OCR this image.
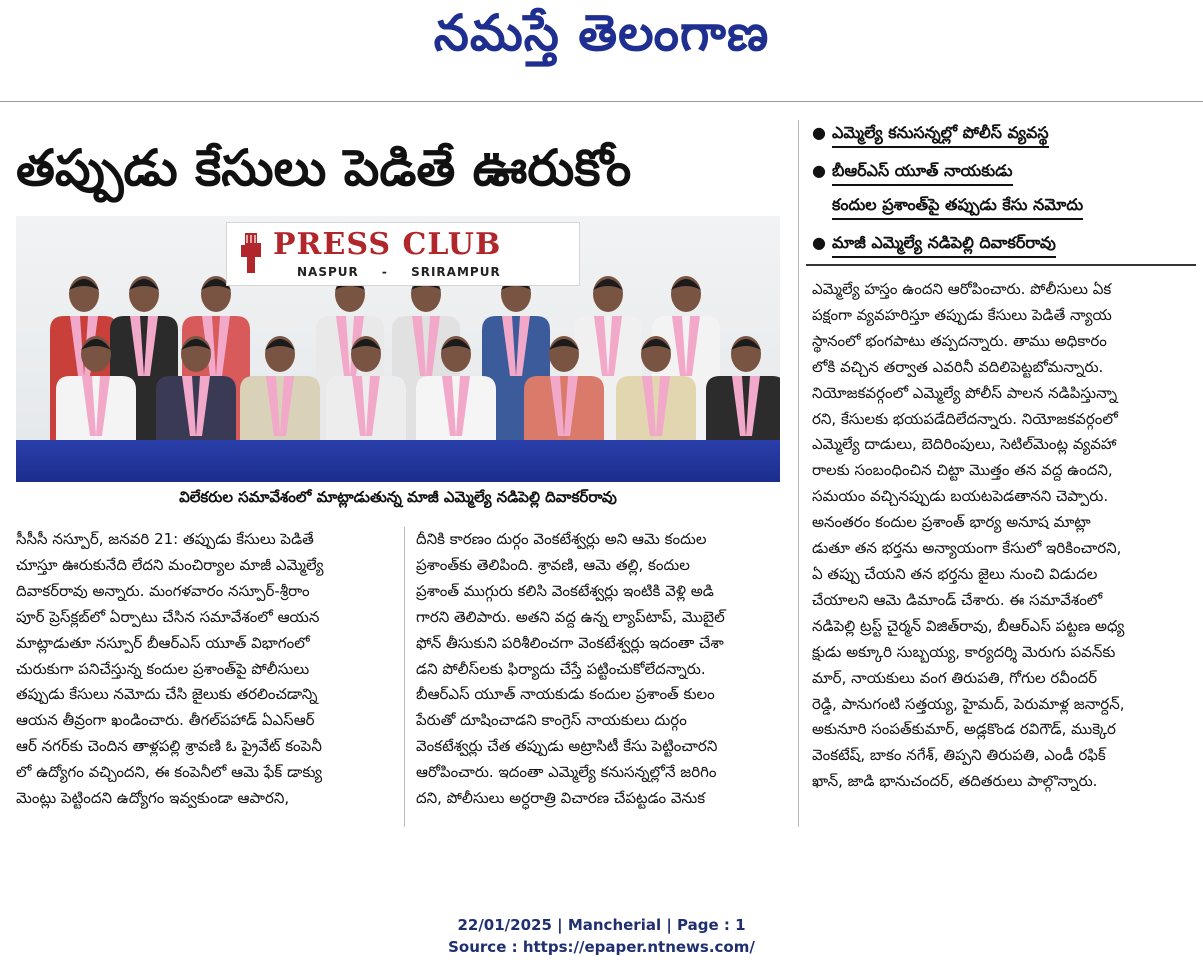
నమస్తే తెలంగాణ
తప్పుడు కేసులు పెడితే ఊరుకోం
PRESS CLUB
NASPUR - SRIRAMPUR
విలేకరుల సమావేశంలో మాట్లాడుతున్న మాజీ ఎమ్మెల్యే నడిపెల్లి దివాకర్‌రావు
● ఎమ్మెల్యే కనుసన్నల్లో పోలీస్ వ్యవస్థ
● బీఆర్‌ఎస్ యూత్ నాయకుడు
కందుల ప్రశాంత్‌పై తప్పుడు కేసు నమోదు
● మాజీ ఎమ్మెల్యే నడిపెల్లి దివాకర్‌రావు
సీసీసీ నస్పూర్, జనవరి 21: తప్పుడు కేసులు పెడితే
చూస్తూ ఊరుకునేది లేదని మంచిర్యాల మాజీ ఎమ్మెల్యే
దివాకర్‌రావు అన్నారు. మంగళవారం నస్పూర్-శ్రీరాం
పూర్ ప్రెస్‌క్లబ్‌లో ఏర్పాటు చేసిన సమావేశంలో ఆయన
మాట్లాడుతూ నస్పూర్ బీఆర్‌ఎస్ యూత్ విభాగంలో
చురుకుగా పనిచేస్తున్న కందుల ప్రశాంత్‌పై పోలీసులు
తప్పుడు కేసులు నమోదు చేసి జైలుకు తరలించడాన్ని
ఆయన తీవ్రంగా ఖండించారు. తీగల్‌పహాడ్ ఏఎస్‌ఆర్
ఆర్ నగర్‌కు చెందిన తాళ్లపల్లి శ్రావణి ఓ ప్రైవేట్ కంపెనీ
లో ఉద్యోగం వచ్చిందని, ఈ కంపెనీలో ఆమె ఫేక్ డాక్యు
మెంట్లు పెట్టిందని ఉద్యోగం ఇవ్వకుండా ఆపారని,
దీనికి కారణం దుర్గం వెంకటేశ్వర్లు అని ఆమె కందుల
ప్రశాంత్‌కు తెలిపింది. శ్రావణి, ఆమె తల్లి, కందుల
ప్రశాంత్ ముగ్గురు కలిసి వెంకటేశ్వర్లు ఇంటికి వెళ్లి అడి
గారని తెలిపారు. అతని వద్ద ఉన్న ల్యాప్‌టాప్, మొబైల్
ఫోన్ తీసుకుని పరిశీలించగా వెంకటేశ్వర్లు ఇదంతా చేశా
డని పోలీస్‌లకు ఫిర్యాదు చేస్తే పట్టించుకోలేదన్నారు.
బీఆర్‌ఎస్ యూత్ నాయకుడు కందుల ప్రశాంత్ కులం
పేరుతో దూషించాడని కాంగ్రెస్ నాయకులు దుర్గం
వెంకటేశ్వర్లు చేత తప్పుడు అట్రాసిటీ కేసు పెట్టించారని
ఆరోపించారు. ఇదంతా ఎమ్మెల్యే కనుసన్నల్లోనే జరిగిం
దని, పోలీసులు అర్ధరాత్రి విచారణ చేపట్టడం వెనుక
ఎమ్మెల్యే హస్తం ఉందని ఆరోపించారు. పోలీసులు ఏక
పక్షంగా వ్యవహరిస్తూ తప్పుడు కేసులు పెడితే న్యాయ
స్థానంలో భంగపాటు తప్పదన్నారు. తాము అధికారం
లోకి వచ్చిన తర్వాత ఎవరినీ వదిలిపెట్టబోమన్నారు.
నియోజకవర్గంలో ఎమ్మెల్యే పోలీస్ పాలన నడిపిస్తున్నా
రని, కేసులకు భయపడేదిలేదన్నారు. నియోజకవర్గంలో
ఎమ్మెల్యే దాడులు, బెదిరింపులు, సెటిల్‌మెంట్ల వ్యవహా
రాలకు సంబంధించిన చిట్టా మొత్తం తన వద్ద ఉందని,
సమయం వచ్చినప్పుడు బయటపెడతానని చెప్పారు.
అనంతరం కందుల ప్రశాంత్ భార్య అనూష మాట్లా
డుతూ తన భర్తను అన్యాయంగా కేసులో ఇరికించారని,
ఏ తప్పు చేయని తన భర్తను జైలు నుంచి విడుదల
చేయాలని ఆమె డిమాండ్ చేశారు. ఈ సమావేశంలో
నడిపెల్లి ట్రస్ట్ చైర్మన్ విజిత్‌రావు, బీఆర్‌ఎస్ పట్టణ అధ్య
క్షుడు అక్కూరి సుబ్బయ్య, కార్యదర్శి మెరుగు పవన్‌కు
మార్, నాయకులు వంగ తిరుపతి, గోగుల రవీందర్
రెడ్డి, పానుగంటి సత్తయ్య, హైమద్, పెరుమాళ్ల జనార్దన్,
అకునూరి సంపత్‌కుమార్, అడ్లకొండ రవిగౌడ్, ముక్కెర
వెంకటేష్, బాకం నగేశ్, తిప్పని తిరుపతి, ఎండీ రఫిక్
ఖాన్, జాడి భానుచందర్, తదితరులు పాల్గొన్నారు.
22/01/2025 | Mancherial | Page : 1
Source : https://epaper.ntnews.com/
